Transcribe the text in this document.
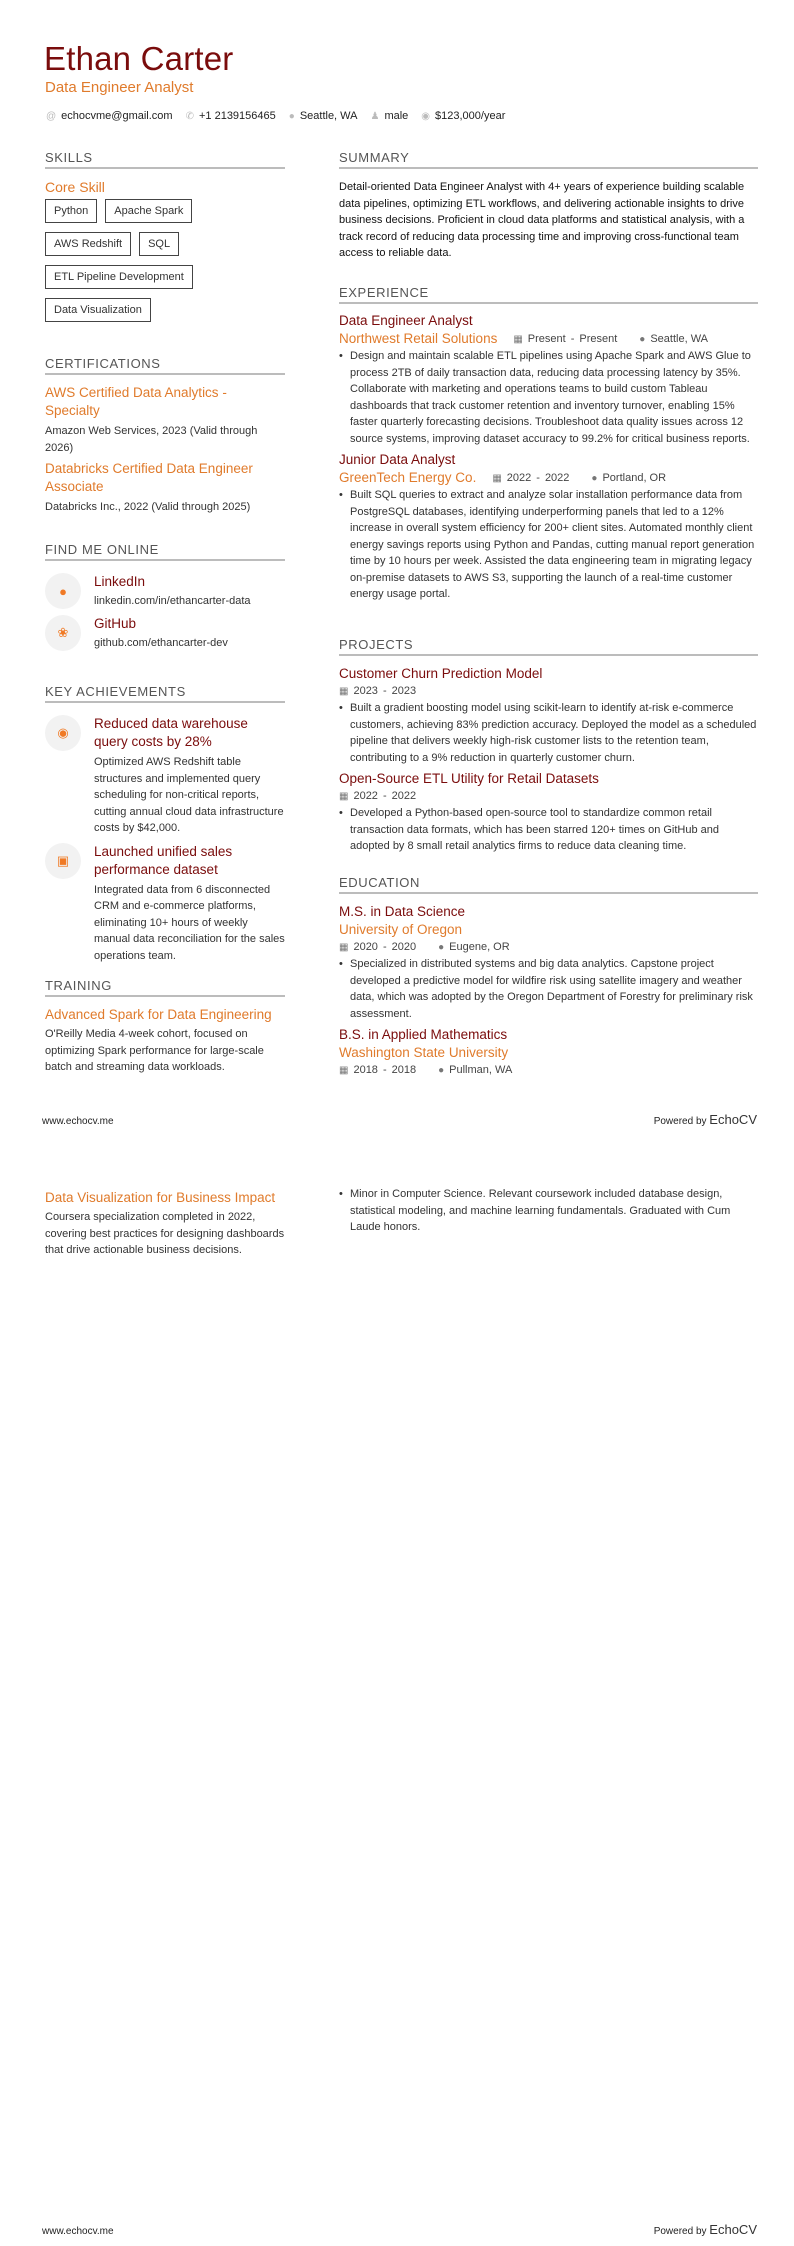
Ethan Carter
Data Engineer Analyst
@ echocvme@gmail.com ✆ +1 2139156465 ● Seattle, WA ♟ male ◉ $123,000/year
SKILLS
Core Skill
Python	Apache Spark
AWS Redshift	SQL
ETL Pipeline Development
Data Visualization
CERTIFICATIONS
AWS Certified Data Analytics - Specialty
Amazon Web Services, 2023 (Valid through 2026)
Databricks Certified Data Engineer Associate
Databricks Inc., 2022 (Valid through 2025)
FIND ME ONLINE
●
LinkedIn
linkedin.com/in/ethancarter-data
❀
GitHub
github.com/ethancarter-dev
KEY ACHIEVEMENTS
◉
Reduced data warehouse query costs by 28%
Optimized AWS Redshift table structures and implemented query scheduling for non-critical reports, cutting annual cloud data infrastructure costs by $42,000.
▣
Launched unified sales performance dataset
Integrated data from 6 disconnected CRM and e-commerce platforms, eliminating 10+ hours of weekly manual data reconciliation for the sales operations team.
TRAINING
Advanced Spark for Data Engineering
O'Reilly Media 4-week cohort, focused on optimizing Spark performance for large-scale batch and streaming data workloads.
SUMMARY
Detail-oriented Data Engineer Analyst with 4+ years of experience building scalable data pipelines, optimizing ETL workflows, and delivering actionable insights to drive business decisions. Proficient in cloud data platforms and statistical analysis, with a track record of reducing data processing time and improving cross-functional team access to reliable data.
EXPERIENCE
Data Engineer Analyst
Northwest Retail Solutions ▦ Present - Present ● Seattle, WA
• Design and maintain scalable ETL pipelines using Apache Spark and AWS Glue to process 2TB of daily transaction data, reducing data processing latency by 35%. Collaborate with marketing and operations teams to build custom Tableau dashboards that track customer retention and inventory turnover, enabling 15% faster quarterly forecasting decisions. Troubleshoot data quality issues across 12 source systems, improving dataset accuracy to 99.2% for critical business reports.
Junior Data Analyst
GreenTech Energy Co. ▦ 2022 - 2022 ● Portland, OR
• Built SQL queries to extract and analyze solar installation performance data from PostgreSQL databases, identifying underperforming panels that led to a 12% increase in overall system efficiency for 200+ client sites. Automated monthly client energy savings reports using Python and Pandas, cutting manual report generation time by 10 hours per week. Assisted the data engineering team in migrating legacy on-premise datasets to AWS S3, supporting the launch of a real-time customer energy usage portal.
PROJECTS
Customer Churn Prediction Model
▦ 2023 - 2023
• Built a gradient boosting model using scikit-learn to identify at-risk e-commerce customers, achieving 83% prediction accuracy. Deployed the model as a scheduled pipeline that delivers weekly high-risk customer lists to the retention team, contributing to a 9% reduction in quarterly customer churn.
Open-Source ETL Utility for Retail Datasets
▦ 2022 - 2022
• Developed a Python-based open-source tool to standardize common retail transaction data formats, which has been starred 120+ times on GitHub and adopted by 8 small retail analytics firms to reduce data cleaning time.
EDUCATION
M.S. in Data Science
University of Oregon
▦ 2020 - 2020 ● Eugene, OR
• Specialized in distributed systems and big data analytics. Capstone project developed a predictive model for wildfire risk using satellite imagery and weather data, which was adopted by the Oregon Department of Forestry for preliminary risk assessment.
B.S. in Applied Mathematics
Washington State University
▦ 2018 - 2018 ● Pullman, WA
www.echocv.me	Powered by EchoCV
Data Visualization for Business Impact
Coursera specialization completed in 2022, covering best practices for designing dashboards that drive actionable business decisions.
• Minor in Computer Science. Relevant coursework included database design, statistical modeling, and machine learning fundamentals. Graduated with Cum Laude honors.
www.echocv.me	Powered by EchoCV
